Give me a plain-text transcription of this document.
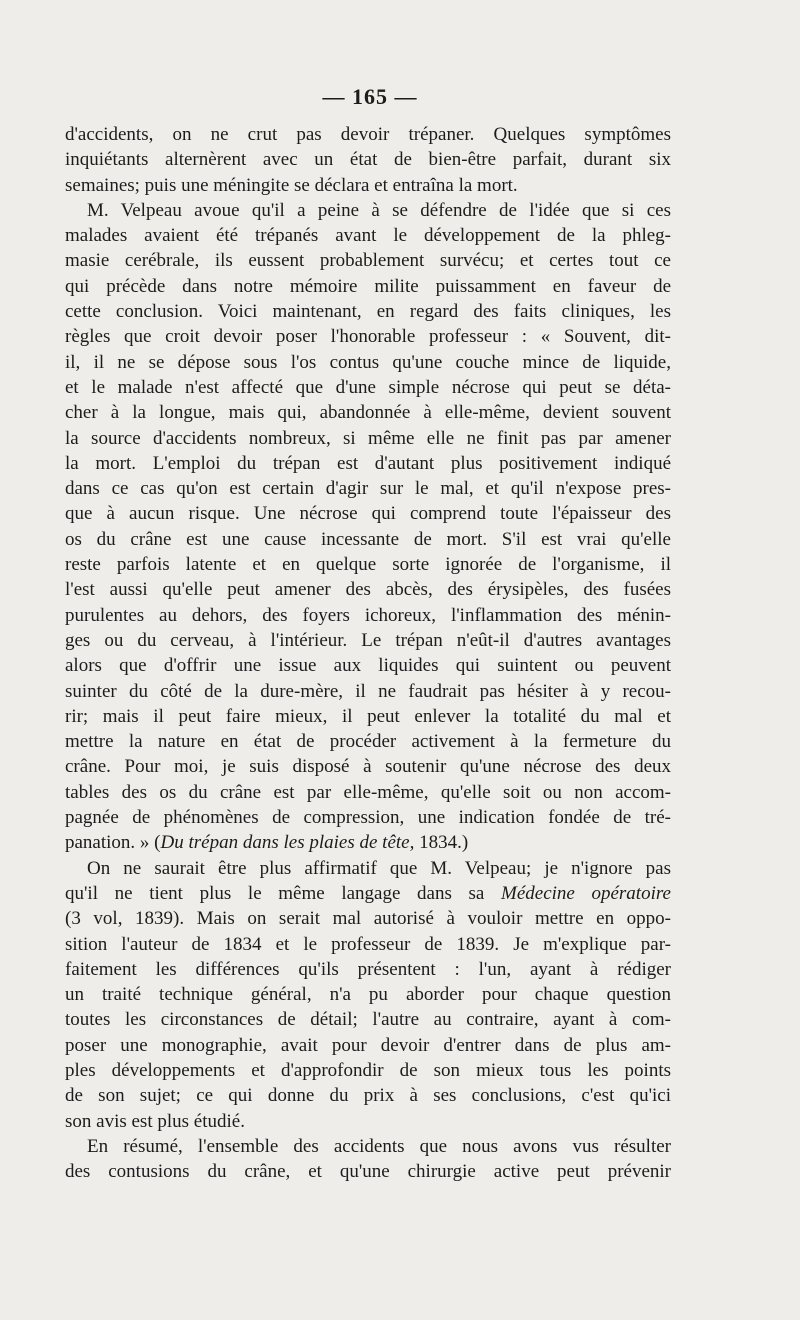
— 165 —
d'accidents, on ne crut pas devoir trépaner. Quelques symptômes
inquiétants alternèrent avec un état de bien-être parfait, durant six
semaines; puis une méningite se déclara et entraîna la mort.
M. Velpeau avoue qu'il a peine à se défendre de l'idée que si ces
malades avaient été trépanés avant le développement de la phleg-
masie cerébrale, ils eussent probablement survécu; et certes tout ce
qui précède dans notre mémoire milite puissamment en faveur de
cette conclusion. Voici maintenant, en regard des faits cliniques, les
règles que croit devoir poser l'honorable professeur : « Souvent, dit-
il, il ne se dépose sous l'os contus qu'une couche mince de liquide,
et le malade n'est affecté que d'une simple nécrose qui peut se déta-
cher à la longue, mais qui, abandonnée à elle-même, devient souvent
la source d'accidents nombreux, si même elle ne finit pas par amener
la mort. L'emploi du trépan est d'autant plus positivement indiqué
dans ce cas qu'on est certain d'agir sur le mal, et qu'il n'expose pres-
que à aucun risque. Une nécrose qui comprend toute l'épaisseur des
os du crâne est une cause incessante de mort. S'il est vrai qu'elle
reste parfois latente et en quelque sorte ignorée de l'organisme, il
l'est aussi qu'elle peut amener des abcès, des érysipèles, des fusées
purulentes au dehors, des foyers ichoreux, l'inflammation des ménin-
ges ou du cerveau, à l'intérieur. Le trépan n'eût-il d'autres avantages
alors que d'offrir une issue aux liquides qui suintent ou peuvent
suinter du côté de la dure-mère, il ne faudrait pas hésiter à y recou-
rir; mais il peut faire mieux, il peut enlever la totalité du mal et
mettre la nature en état de procéder activement à la fermeture du
crâne. Pour moi, je suis disposé à soutenir qu'une nécrose des deux
tables des os du crâne est par elle-même, qu'elle soit ou non accom-
pagnée de phénomènes de compression, une indication fondée de tré-
panation. » (Du trépan dans les plaies de tête, 1834.)
On ne saurait être plus affirmatif que M. Velpeau; je n'ignore pas
qu'il ne tient plus le même langage dans sa Médecine opératoire
(3 vol, 1839). Mais on serait mal autorisé à vouloir mettre en oppo-
sition l'auteur de 1834 et le professeur de 1839. Je m'explique par-
faitement les différences qu'ils présentent : l'un, ayant à rédiger
un traité technique général, n'a pu aborder pour chaque question
toutes les circonstances de détail; l'autre au contraire, ayant à com-
poser une monographie, avait pour devoir d'entrer dans de plus am-
ples développements et d'approfondir de son mieux tous les points
de son sujet; ce qui donne du prix à ses conclusions, c'est qu'ici
son avis est plus étudié.
En résumé, l'ensemble des accidents que nous avons vus résulter
des contusions du crâne, et qu'une chirurgie active peut prévenir
